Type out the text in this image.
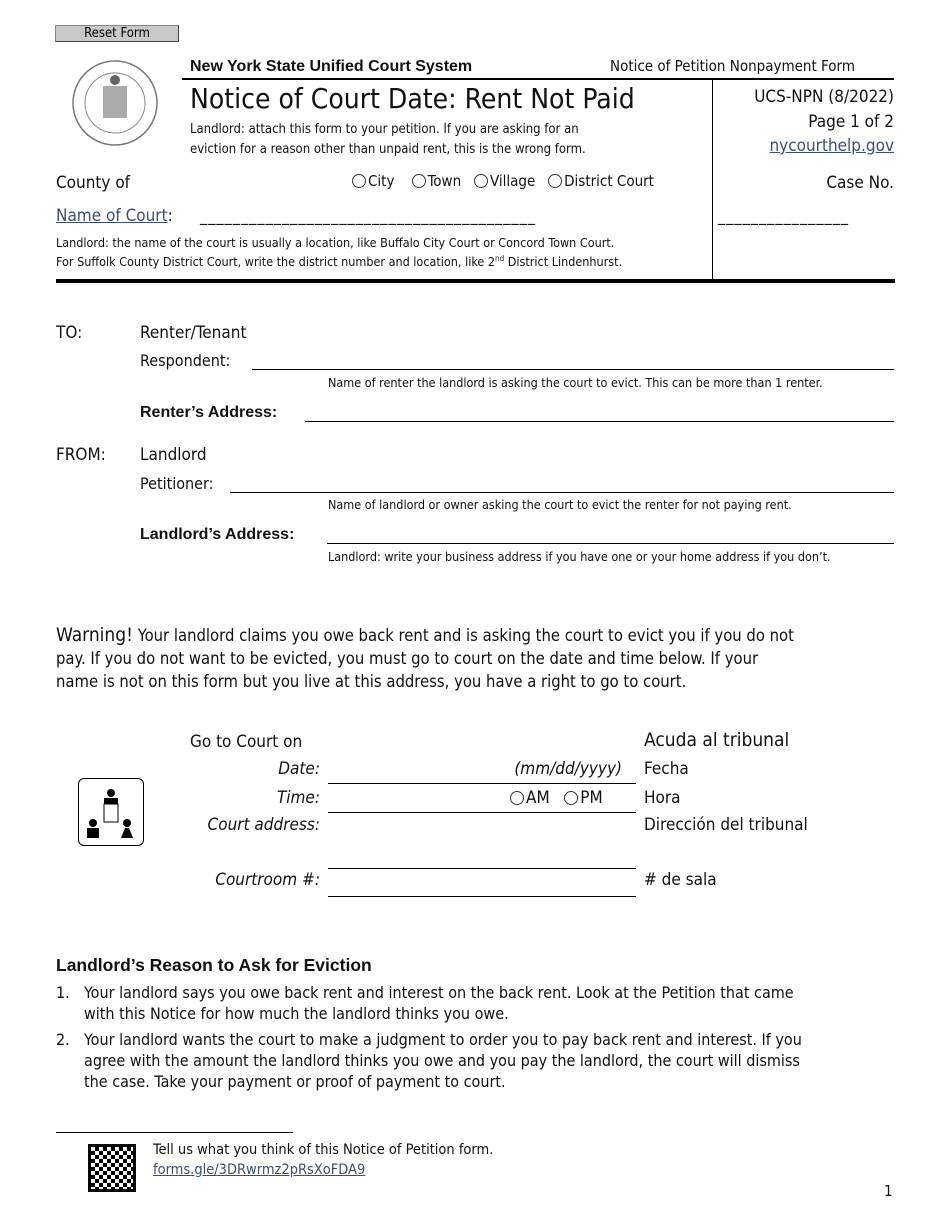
Reset Form
New York State Unified Court System	Notice of Petition Nonpayment Form
Notice of Court Date: Rent Not Paid
Landlord: attach this form to your petition. If you are asking for an
eviction for a reason other than unpaid rent, this is the wrong form.
UCS-NPN (8/2022)
Page 1 of 2
nycourthelp.gov
County of	City Town Village District Court	Case No.
Name of Court: _________________________________________	________________
Landlord: the name of the court is usually a location, like Buffalo City Court or Concord Town Court.
For Suffolk County District Court, write the district number and location, like 2nd District Lindenhurst.
TO:	Renter/Tenant
Respondent:
Name of renter the landlord is asking the court to evict. This can be more than 1 renter.
Renter’s Address:
FROM: Landlord
Petitioner:
Name of landlord or owner asking the court to evict the renter for not paying rent.
Landlord’s Address:
Landlord: write your business address if you have one or your home address if you don’t.
Warning! Your landlord claims you owe back rent and is asking the court to evict you if you do not
pay. If you do not want to be evicted, you must go to court on the date and time below. If your
name is not on this form but you live at this address, you have a right to go to court.
Go to Court on	Acuda al tribunal
Date:	(mm/dd/yyyy) Fecha
Time:	AM PM Hora
Court address:	Dirección del tribunal
Courtroom #:	# de sala
Landlord’s Reason to Ask for Eviction
1. Your landlord says you owe back rent and interest on the back rent. Look at the Petition that came
with this Notice for how much the landlord thinks you owe.
2. Your landlord wants the court to make a judgment to order you to pay back rent and interest. If you
agree with the amount the landlord thinks you owe and you pay the landlord, the court will dismiss
the case. Take your payment or proof of payment to court.
Tell us what you think of this Notice of Petition form.
forms.gle/3DRwrmz2pRsXoFDA9
1
